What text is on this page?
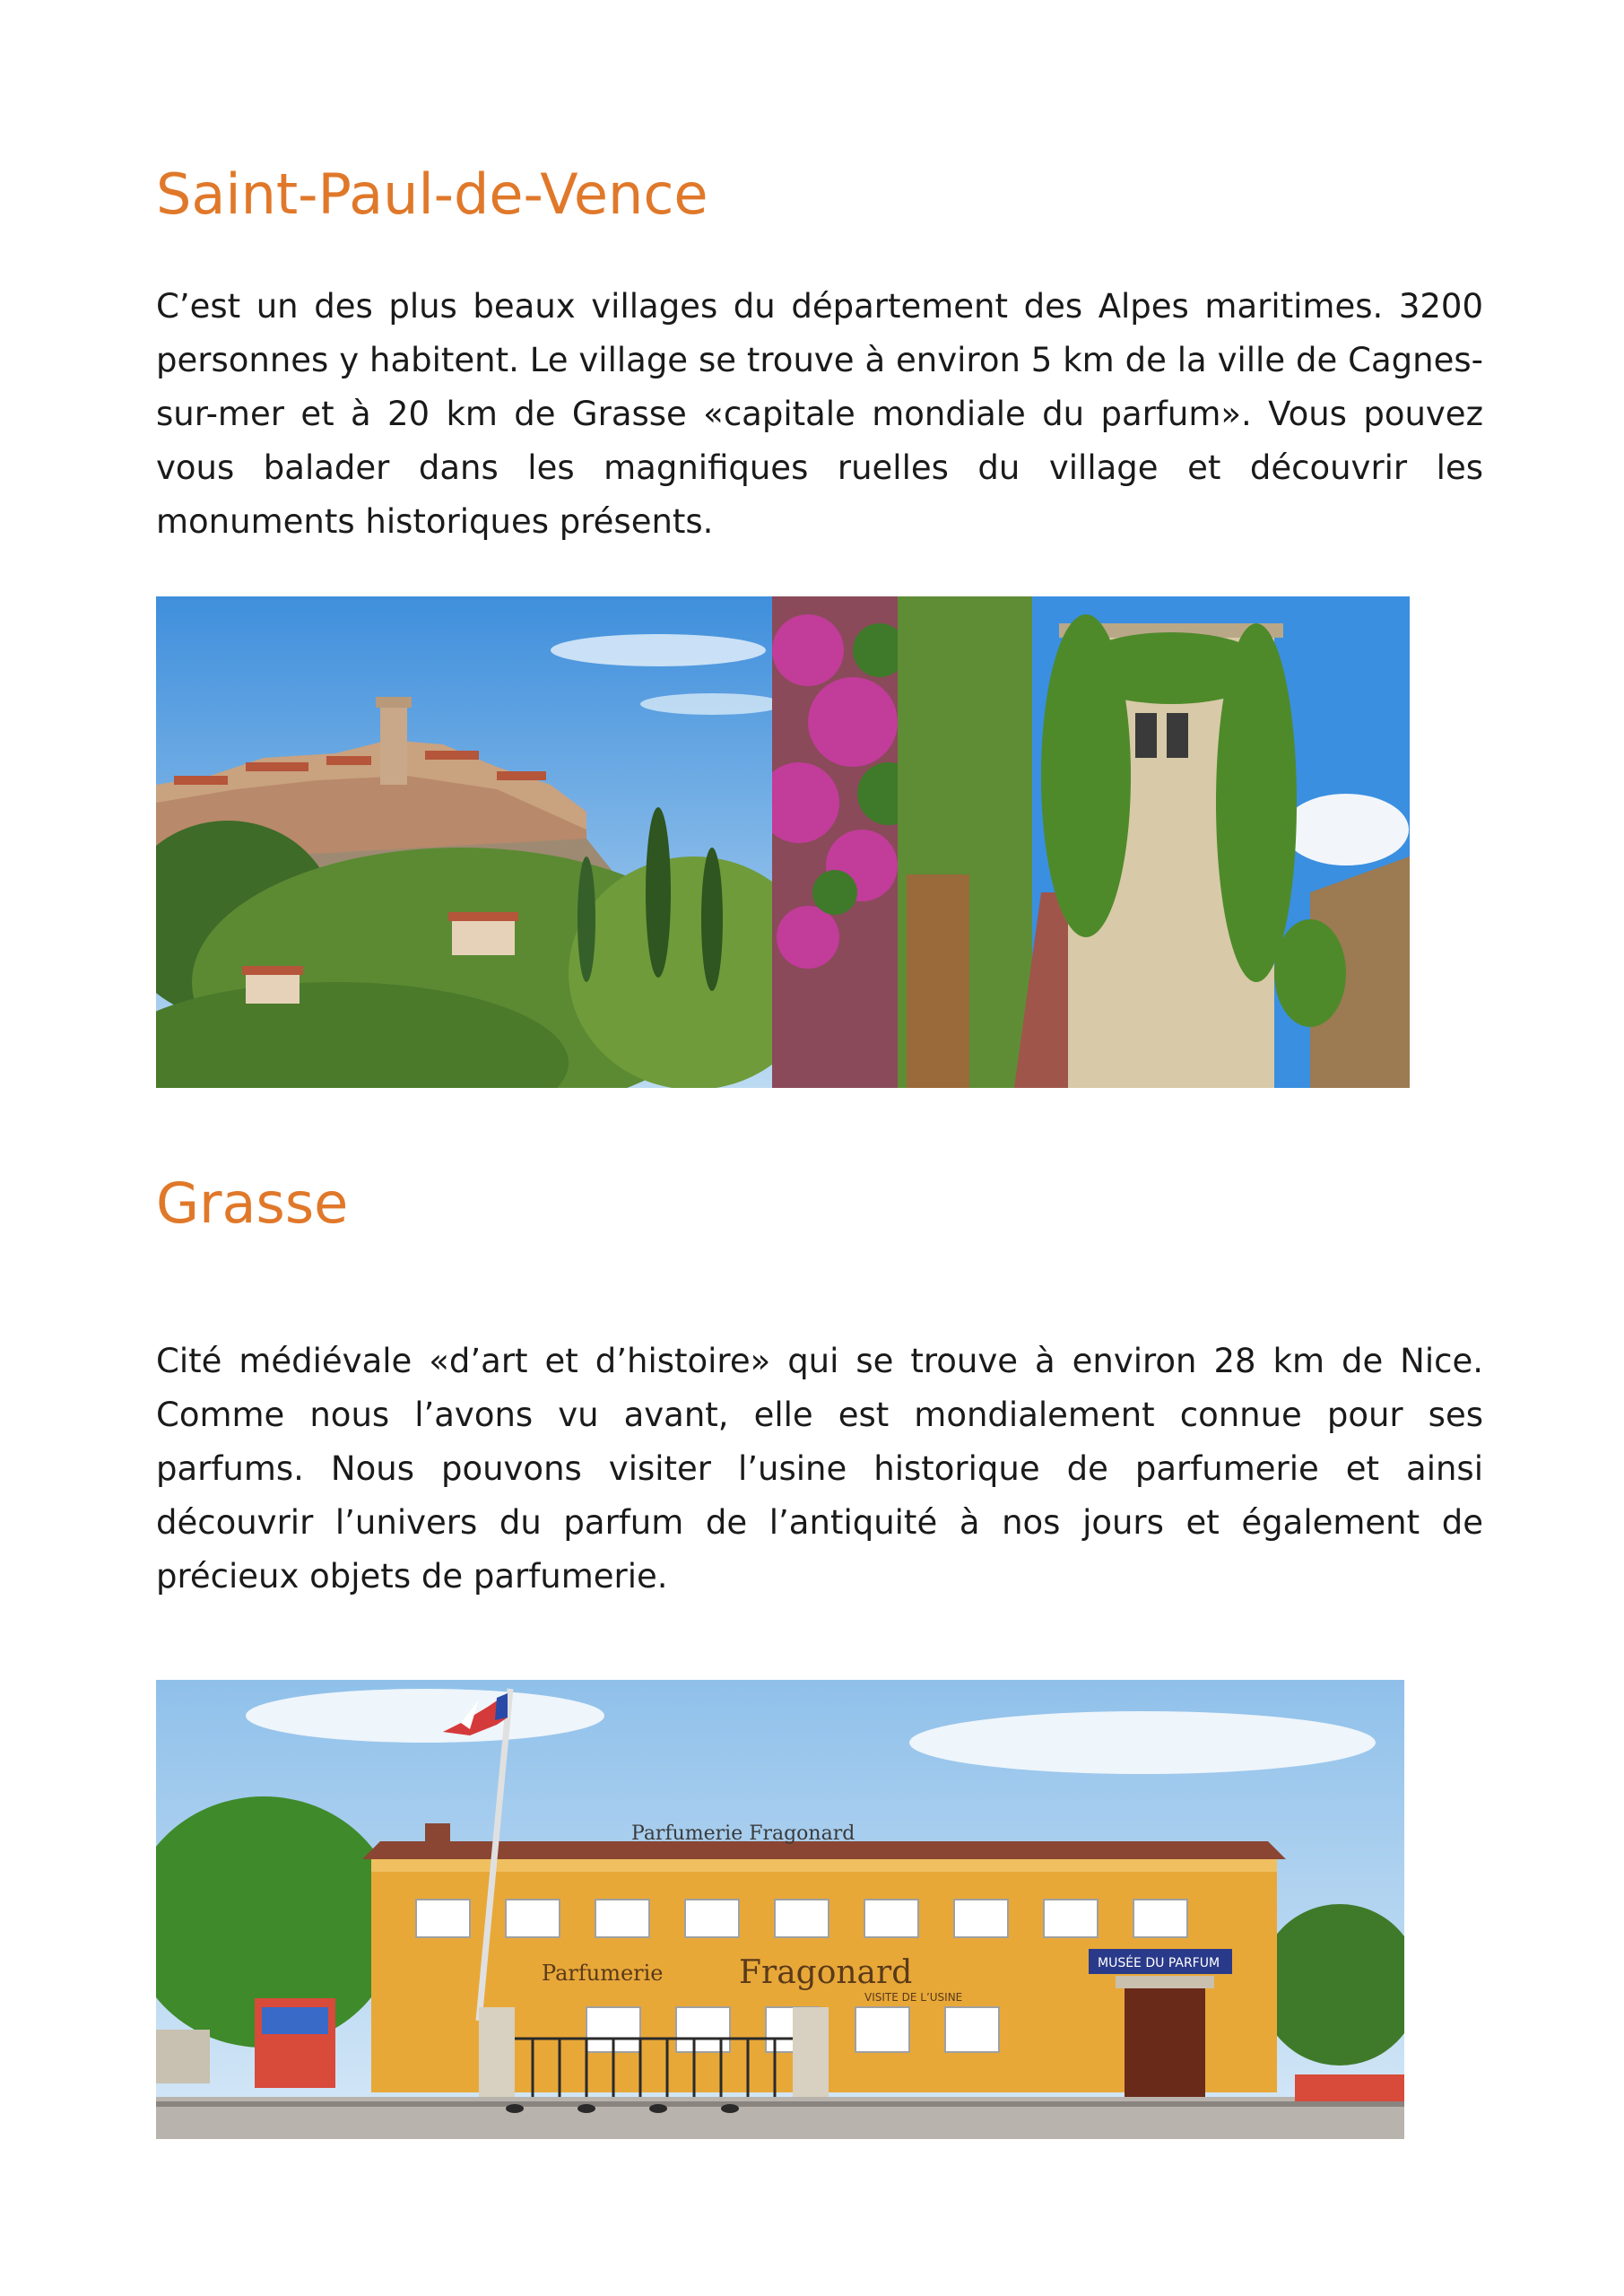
Saint-Paul-de-Vence

C’est un des plus beaux villages du département des Alpes maritimes. 3200 personnes y habitent. Le village se trouve à environ 5 km de la ville de Cagnes-sur-mer et à 20 km de Grasse «capitale mondiale du parfum». Vous pouvez vous balader dans les magnifiques ruelles du village et découvrir les monuments historiques présents.

Grasse

Cité médiévale «d’art et d’histoire» qui se trouve à environ 28 km de Nice. Comme nous l’avons vu avant, elle est mondialement connue pour ses parfums. Nous pouvons visiter l’usine historique de parfumerie et ainsi découvrir l’univers du parfum de l’antiquité à nos jours et également de précieux objets de parfumerie.

Parfumerie Fragonard
Parfumerie Fragonard
VISITE DE L’USINE
MUSÉE DU PARFUM
